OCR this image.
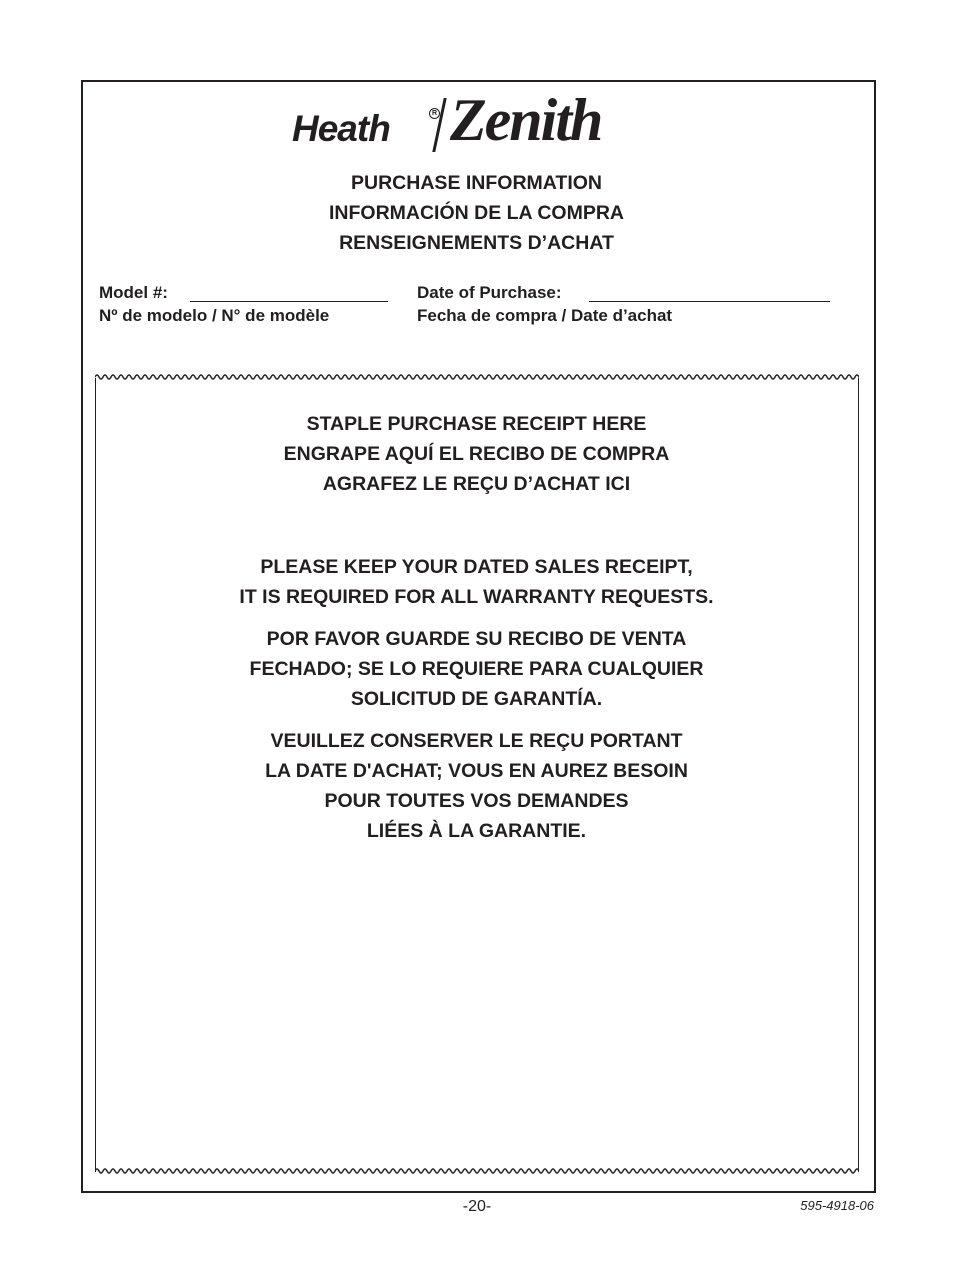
Heath	R Zenith
PURCHASE INFORMATION
INFORMACIÓN DE LA COMPRA
RENSEIGNEMENTS D’ACHAT
Model #:
Nº de modelo / N° de modèle
Date of Purchase:
Fecha de compra / Date d’achat
STAPLE PURCHASE RECEIPT HERE
ENGRAPE AQUÍ EL RECIBO DE COMPRA
AGRAFEZ LE REÇU D’ACHAT ICI
PLEASE KEEP YOUR DATED SALES RECEIPT,
IT IS REQUIRED FOR ALL WARRANTY REQUESTS.
POR FAVOR GUARDE SU RECIBO DE VENTA
FECHADO; SE LO REQUIERE PARA CUALQUIER
SOLICITUD DE GARANTÍA.
VEUILLEZ CONSERVER LE REÇU PORTANT
LA DATE D'ACHAT; VOUS EN AUREZ BESOIN
POUR TOUTES VOS DEMANDES
LIÉES À LA GARANTIE.
-20-	595-4918-06
